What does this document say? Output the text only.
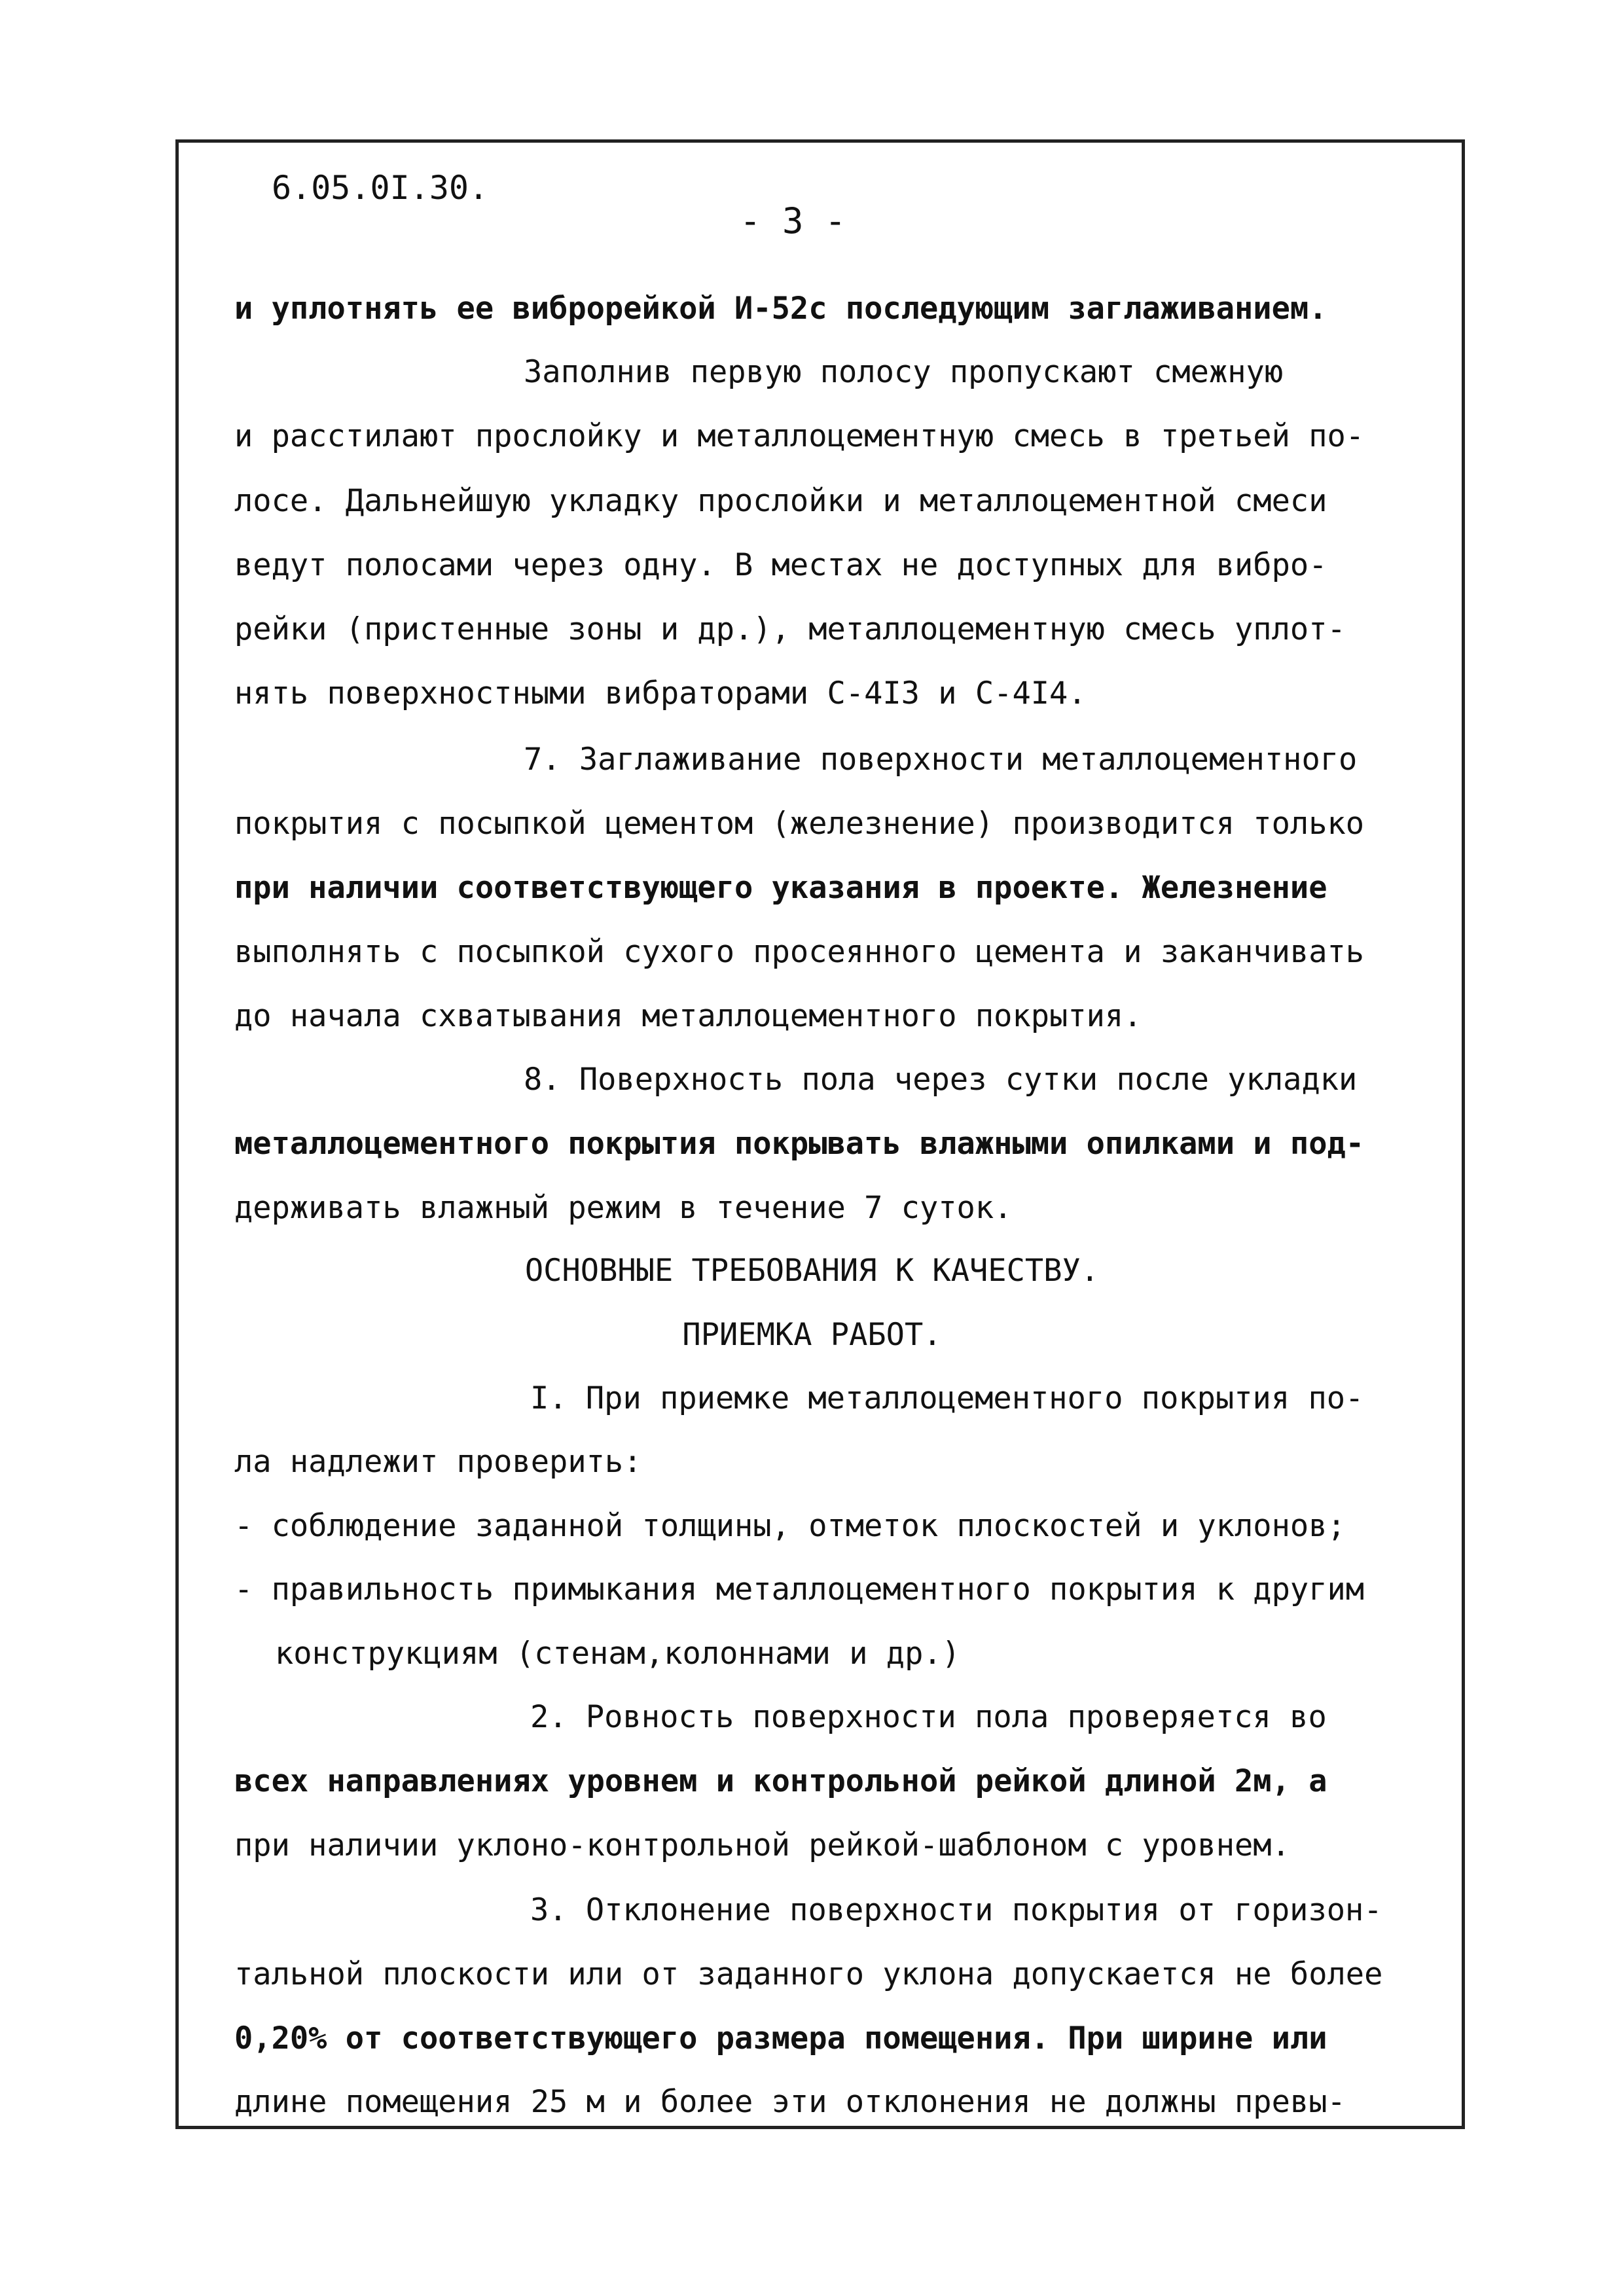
6.05.0I.30.
- 3 -
и уплотнять ее виброрейкой И-52с последующим заглаживанием.
Заполнив первую полосу пропускают смежную
и расстилают прослойку и металлоцементную смесь в третьей по-
лосе. Дальнейшую укладку прослойки и металлоцементной смеси
ведут полосами через одну. В местах не доступных для вибро-
рейки (пристенные зоны и др.), металлоцементную смесь уплот-
нять поверхностными вибраторами С-4I3 и С-4I4.
7. Заглаживание поверхности металлоцементного
покрытия с посыпкой цементом (железнение) производится только
при наличии соответствующего указания в проекте. Железнение
выполнять с посыпкой сухого просеянного цемента и заканчивать
до начала схватывания металлоцементного покрытия.
8. Поверхность пола через сутки после укладки
металлоцементного покрытия покрывать влажными опилками и под-
держивать влажный режим в течение 7 суток.
ОСНОВНЫЕ ТРЕБОВАНИЯ К КАЧЕСТВУ.
ПРИЕМКА РАБОТ.
I. При приемке металлоцементного покрытия по-
ла надлежит проверить:
- соблюдение заданной толщины, отметок плоскостей и уклонов;
- правильность примыкания металлоцементного покрытия к другим
конструкциям (стенам,колоннами и др.)
2. Ровность поверхности пола проверяется во
всех направлениях уровнем и контрольной рейкой длиной 2м, а
при наличии уклоно-контрольной рейкой-шаблоном с уровнем.
3. Отклонение поверхности покрытия от горизон-
тальной плоскости или от заданного уклона допускается не более
0,20% от соответствующего размера помещения. При ширине или
длине помещения 25 м и более эти отклонения не должны превы-
